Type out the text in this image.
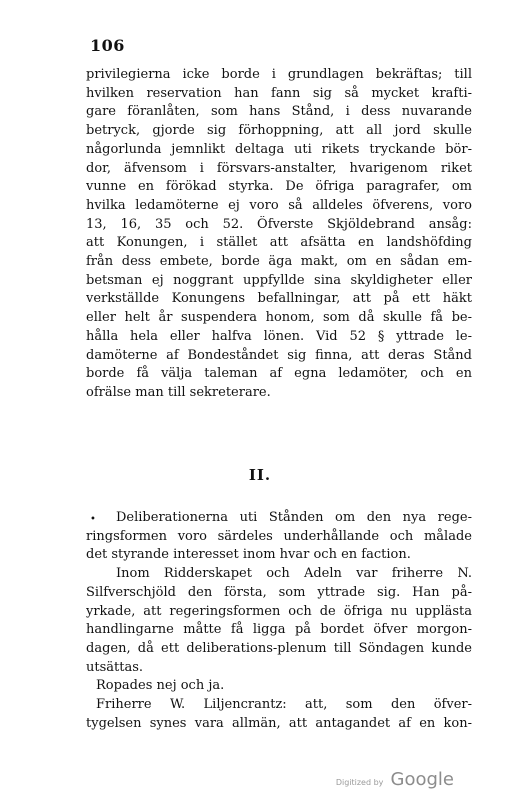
106
privilegierna icke borde i grundlagen bekräftas; till
hvilken reservation han fann sig så mycket krafti-
gare föranlåten, som hans Stånd, i dess nuvarande
betryck, gjorde sig förhoppning, att all jord skulle
någorlunda jemnlikt deltaga uti rikets tryckande bör-
dor, äfvensom i försvars-anstalter, hvarigenom riket
vunne en förökad styrka. De öfriga paragrafer, om
hvilka ledamöterne ej voro så alldeles öfverens, voro
13, 16, 35 och 52. Öfverste Skjöldebrand ansåg:
att Konungen, i stället att afsätta en landshöfding
från dess embete, borde äga makt, om en sådan em-
betsman ej noggrant uppfyllde sina skyldigheter eller
verkställde Konungens befallningar, att på ett häkt
eller helt år suspendera honom, som då skulle få be-
hålla hela eller halfva lönen. Vid 52 § yttrade le-
damöterne af Bondeståndet sig finna, att deras Stånd
borde få välja taleman af egna ledamöter, och en
ofrälse man till sekreterare.
II.
•	Deliberationerna uti Stånden om den nya rege-
ringsformen voro särdeles underhållande och målade
det styrande interesset inom hvar och en faction.
Inom Ridderskapet och Adeln var friherre N.
Silfverschjöld den första, som yttrade sig. Han på-
yrkade, att regeringsformen och de öfriga nu upplästa
handlingarne måtte få ligga på bordet öfver morgon-
dagen, då ett deliberations-plenum till Söndagen kunde
utsättas.
Ropades nej och ja.
Friherre W. Liljencrantz: att, som den öfver-
tygelsen synes vara allmän, att antagandet af en kon-
Digitized by Google
